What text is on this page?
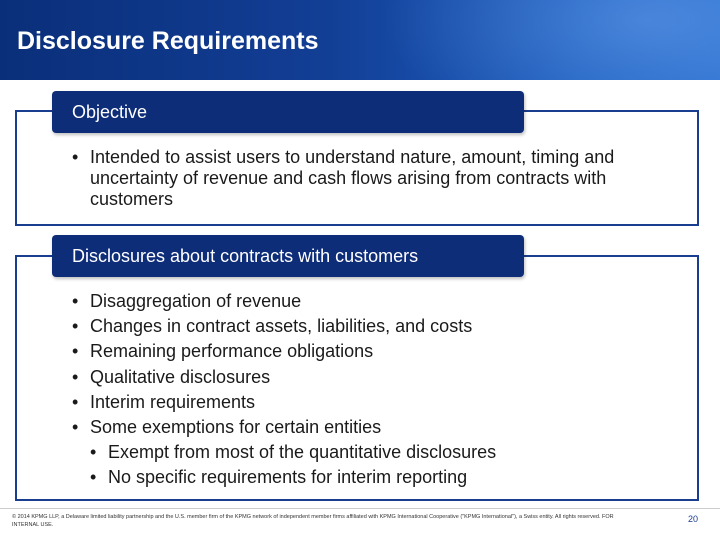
Disclosure Requirements
Objective
• Intended to assist users to understand nature, amount, timing and uncertainty of revenue and cash flows arising from contracts with customers
Disclosures about contracts with customers
• Disaggregation of revenue
• Changes in contract assets, liabilities, and costs
• Remaining performance obligations
• Qualitative disclosures
• Interim requirements
• Some exemptions for certain entities
• Exempt from most of the quantitative disclosures
• No specific requirements for interim reporting
© 2014 KPMG LLP, a Delaware limited liability partnership and the U.S. member firm of the KPMG network of independent member firms affiliated with KPMG International Cooperative ("KPMG International"), a Swiss entity. All rights reserved. FOR INTERNAL USE.
20
